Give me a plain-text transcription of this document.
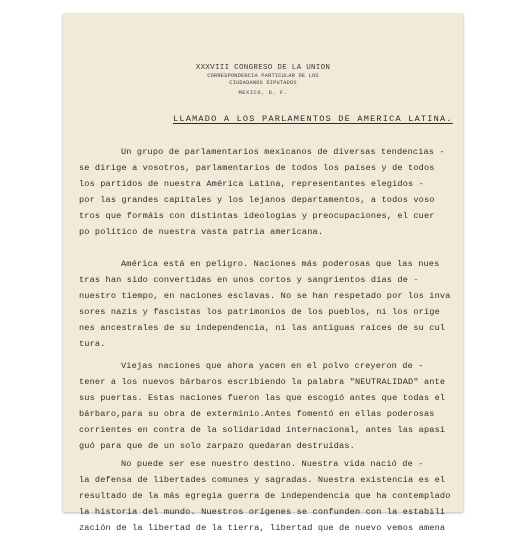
XXXVIII CONGRESO DE LA UNION
CORRESPONDENCIA PARTICULAR DE LOS
CIUDADANOS DIPUTADOS
MEXICO, D. F.
LLAMADO A LOS PARLAMENTOS DE AMERICA LATINA.
Un grupo de parlamentarios mexicanos de diversas tendencias -
se dirige a vosotros, parlamentarios de todos los países y de todos
los partidos de nuestra América Latina, representantes elegidos -
por las grandes capitales y los lejanos departamentos, a todos voso
tros que formáis con distintas ideologías y preocupaciones, el cuer
po político de nuestra vasta patria americana.
América está en peligro. Naciones más poderosas que las nues
tras han sido convertidas en unos cortos y sangrientos días de -
nuestro tiempo, en naciones esclavas. No se han respetado por los inva
sores nazis y fascistas los patrimonios de los pueblos, ni los oríge
nes ancestrales de su independencia, ni las antiguas raíces de su cul
tura.
Viejas naciones que ahora yacen en el polvo creyeron de -
tener a los nuevos bárbaros escribiendo la palabra "NEUTRALIDAD" ante
sus puertas. Estas naciones fueron las que escogió antes que todas el
bárbaro,para su obra de exterminio.Antes fomentó en ellas poderosas
corrientes en contra de la solidaridad internacional, antes las apasi
guó para que de un solo zarpazo quedaran destruídas.
No puede ser ese nuestro destino. Nuestra vida nació de -
la defensa de libertades comunes y sagradas. Nuestra existencia es el
resultado de la más egregia guerra de independencia que ha contemplado
la historia del mundo. Nuestros orígenes se confunden con la estabili
zación de la libertad de la tierra, libertad que de nuevo vemos amena
